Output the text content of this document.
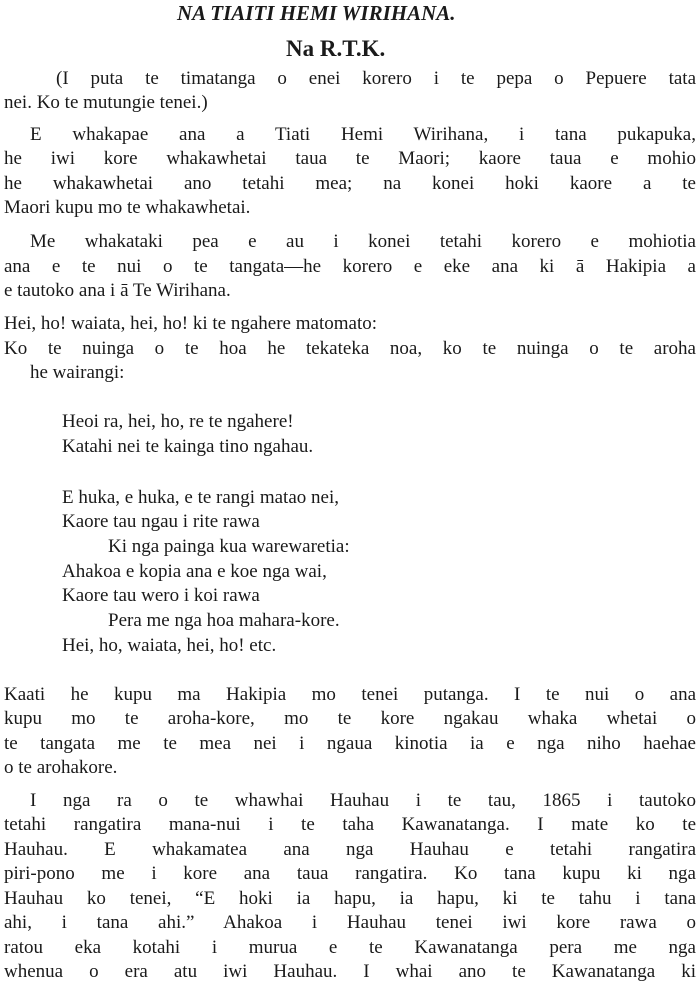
NA TIAITI HEMI WIRIHANA.
Na R.T.K.
(I puta te timatanga o enei korero i te pepa o Pepuere tata
nei. Ko te mutungie tenei.)
E whakapae ana a Tiati Hemi Wirihana, i tana pukapuka,
he iwi kore whakawhetai taua te Maori; kaore taua e mohio
he whakawhetai ano tetahi mea; na konei hoki kaore a te
Maori kupu mo te whakawhetai.
Me whakataki pea e au i konei tetahi korero e mohiotia
ana e te nui o te tangata—he korero e eke ana ki ā Hakipia a
e tautoko ana i ā Te Wirihana.
Hei, ho! waiata, hei, ho! ki te ngahere matomato:
Ko te nuinga o te hoa he tekateka noa, ko te nuinga o te aroha
he wairangi:
Heoi ra, hei, ho, re te ngahere!
Katahi nei te kainga tino ngahau.
E huka, e huka, e te rangi matao nei,
Kaore tau ngau i rite rawa
Ki nga painga kua warewaretia:
Ahakoa e kopia ana e koe nga wai,
Kaore tau wero i koi rawa
Pera me nga hoa mahara-kore.
Hei, ho, waiata, hei, ho! etc.
Kaati he kupu ma Hakipia mo tenei putanga. I te nui o ana
kupu mo te aroha-kore, mo te kore ngakau whaka whetai o
te tangata me te mea nei i ngaua kinotia ia e nga niho haehae
o te arohakore.
I nga ra o te whawhai Hauhau i te tau, 1865 i tautoko
tetahi rangatira mana-nui i te taha Kawanatanga. I mate ko te
Hauhau. E whakamatea ana nga Hauhau e tetahi rangatira
piri-pono me i kore ana taua rangatira. Ko tana kupu ki nga
Hauhau ko tenei, “E hoki ia hapu, ia hapu, ki te tahu i tana
ahi, i tana ahi.” Ahakoa i Hauhau tenei iwi kore rawa o
ratou eka kotahi i murua e te Kawanatanga pera me nga
whenua o era atu iwi Hauhau. I whai ano te Kawanatanga ki
